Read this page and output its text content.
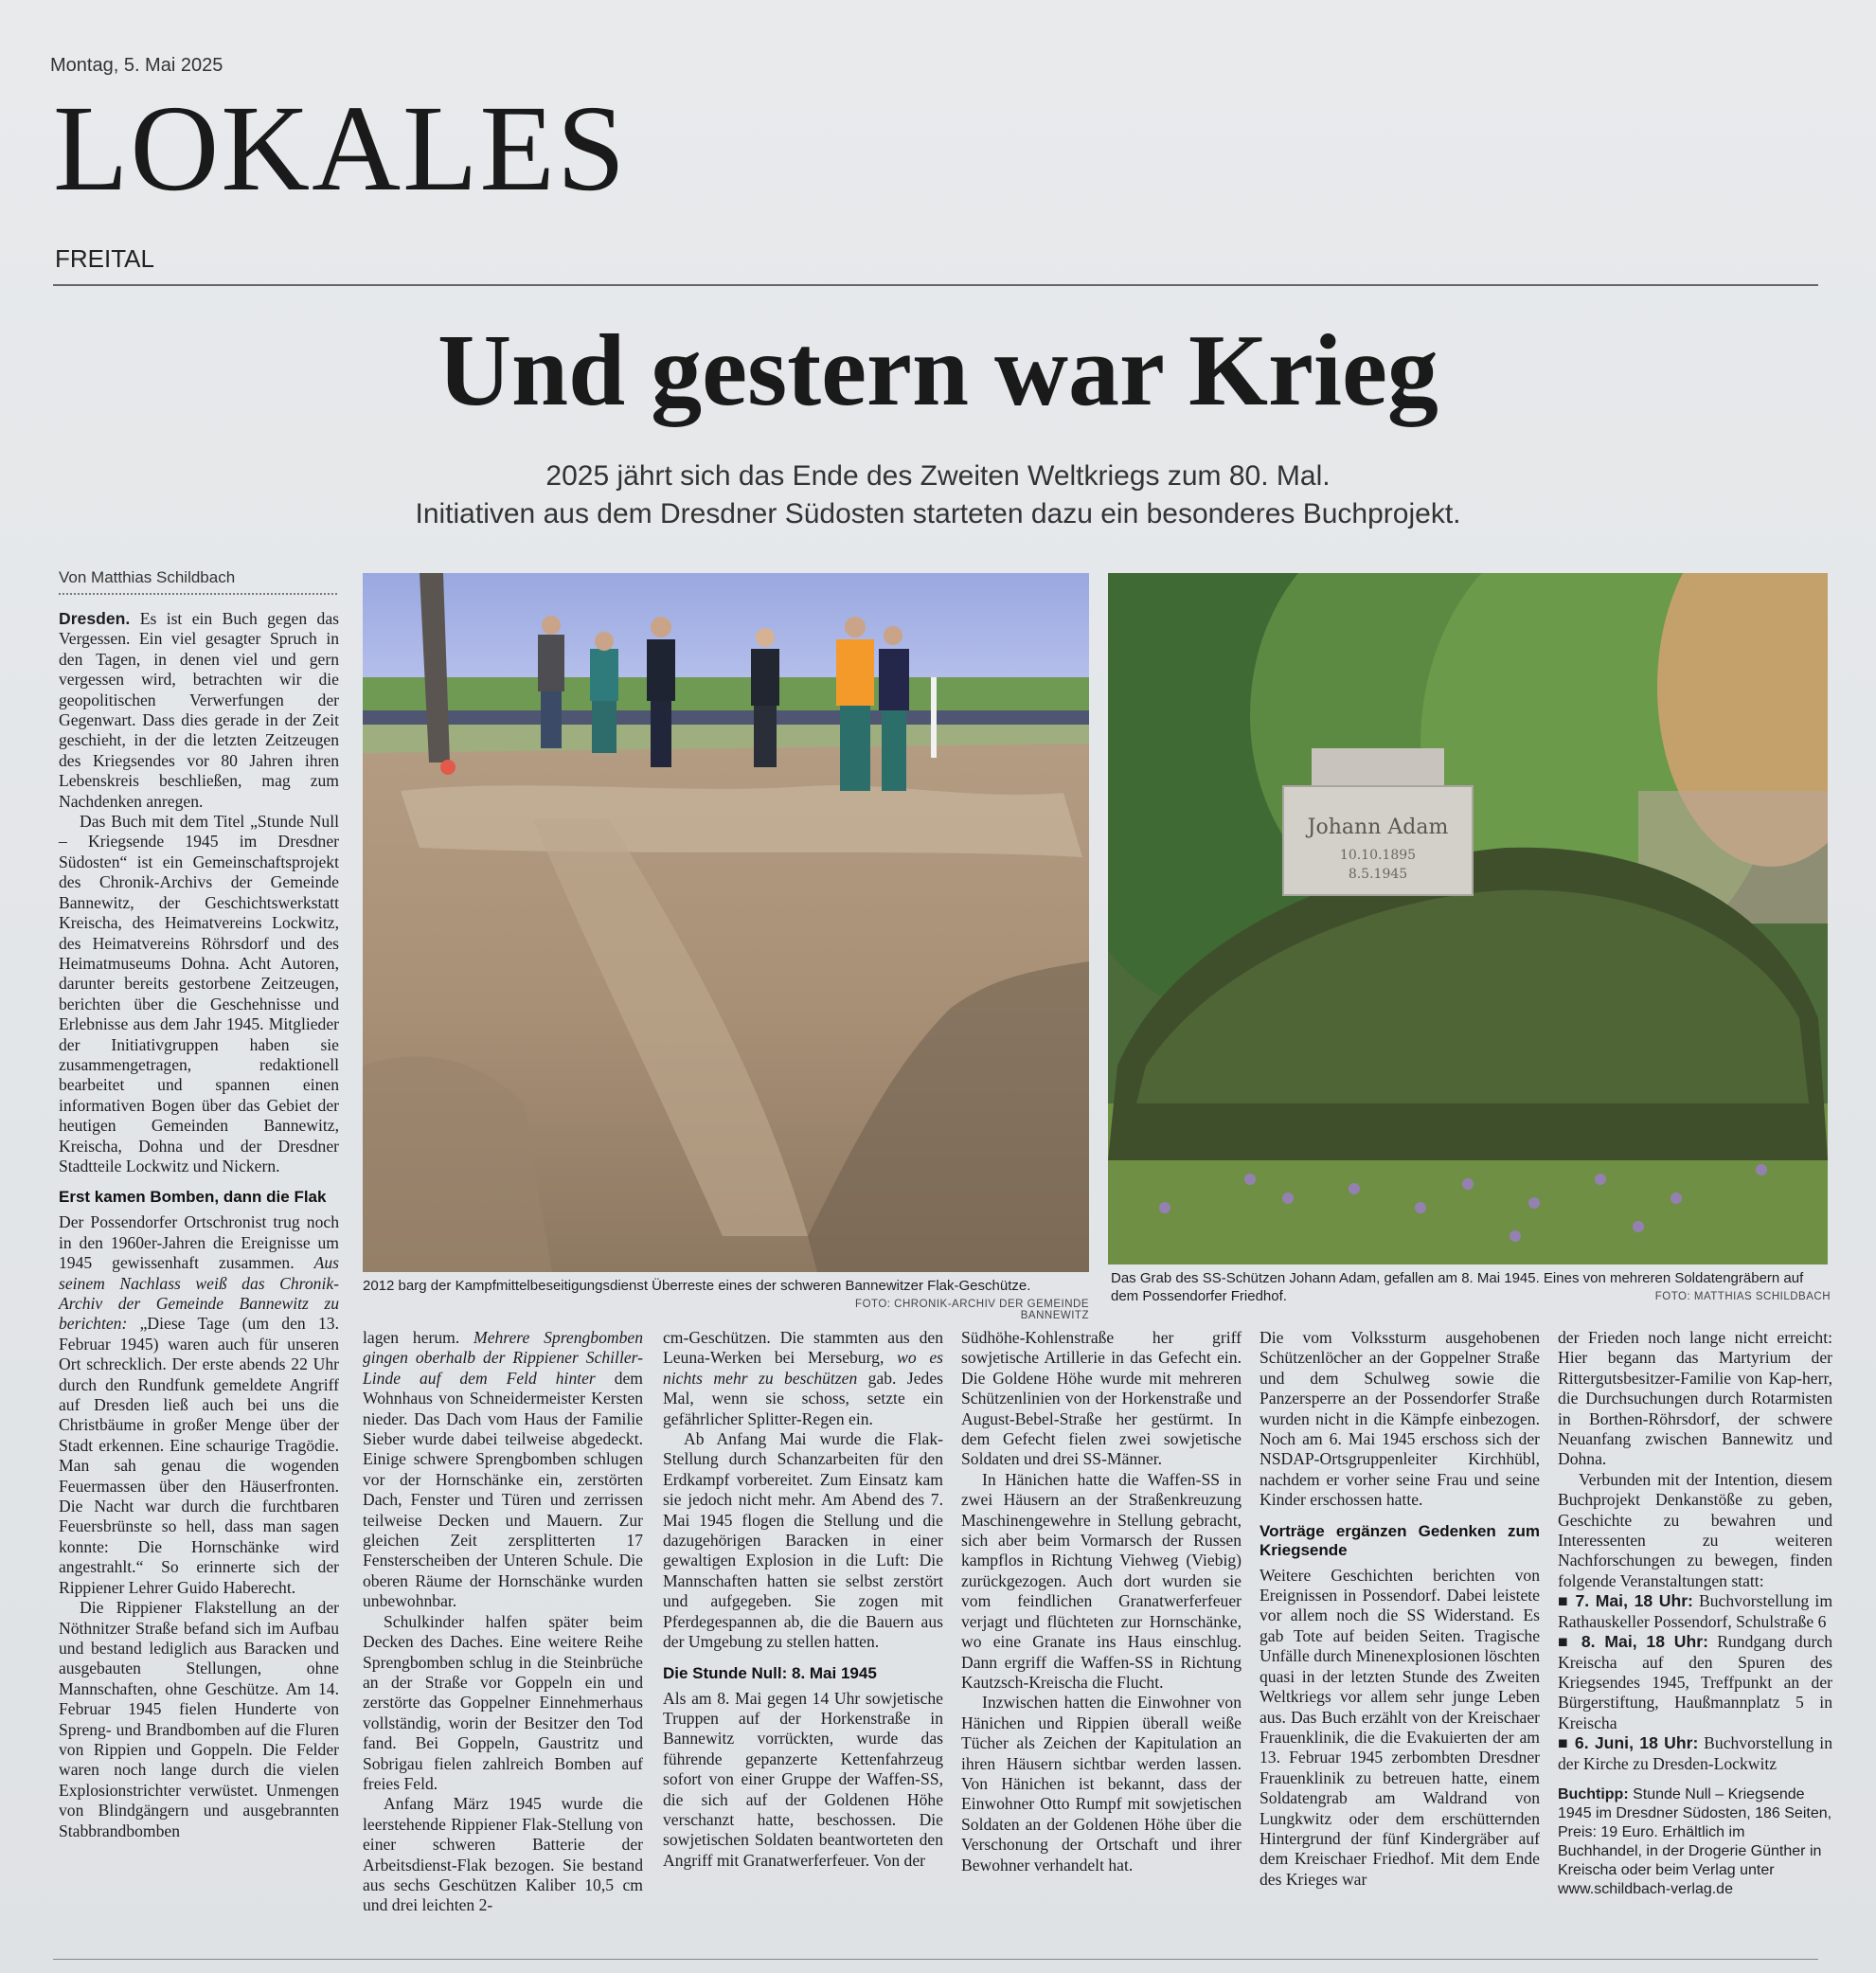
Montag, 5. Mai 2025
LOKALES
FREITAL
Und gestern war Krieg
2025 jährt sich das Ende des Zweiten Weltkriegs zum 80. Mal.
Initiativen aus dem Dresdner Südosten starteten dazu ein besonderes Buchprojekt.
Von Matthias Schildbach
2012 barg der Kampfmittelbeseitigungsdienst Überreste eines der schweren Bannewitzer Flak-Geschütze.
FOTO: CHRONIK-ARCHIV DER GEMEINDE BANNEWITZ
Johann Adam
10.10.1895
8.5.1945
Das Grab des SS-Schützen Johann Adam, gefallen am 8. Mai 1945. Eines von mehreren Soldatengräbern auf dem Possendorfer Friedhof.	FOTO: MATTHIAS SCHILDBACH

Dresden. Es ist ein Buch gegen das Vergessen. Ein viel gesagter Spruch in den Tagen, in denen viel und gern vergessen wird, betrachten wir die geopolitischen Verwerfungen der Gegenwart. Dass dies gerade in der Zeit geschieht, in der die letzten Zeitzeugen des Kriegsendes vor 80 Jahren ihren Lebenskreis beschließen, mag zum Nachdenken anregen.

Das Buch mit dem Titel „Stunde Null – Kriegsende 1945 im Dresdner Südosten“ ist ein Gemeinschaftsprojekt des Chronik-Archivs der Gemeinde Bannewitz, der Geschichtswerkstatt Kreischa, des Heimatvereins Lockwitz, des Heimatvereins Röhrsdorf und des Heimatmuseums Dohna. Acht Autoren, darunter bereits gestorbene Zeitzeugen, berichten über die Geschehnisse und Erlebnisse aus dem Jahr 1945. Mitglieder der Initiativgruppen haben sie zusammengetragen, redaktionell bearbeitet und spannen einen informativen Bogen über das Gebiet der heutigen Gemeinden Bannewitz, Kreischa, Dohna und der Dresdner Stadtteile Lockwitz und Nickern.

Erst kamen Bomben, dann die Flak

Der Possendorfer Ortschronist trug noch in den 1960er-Jahren die Ereignisse um 1945 gewissenhaft zusammen. Aus seinem Nachlass weiß das Chronik-Archiv der Gemeinde Bannewitz zu berichten: „Diese Tage (um den 13. Februar 1945) waren auch für unseren Ort schrecklich. Der erste abends 22 Uhr durch den Rundfunk gemeldete Angriff auf Dresden ließ auch bei uns die Christbäume in großer Menge über der Stadt erkennen. Eine schaurige Tragödie. Man sah genau die wogenden Feuermassen über den Häuserfronten. Die Nacht war durch die furchtbaren Feuersbrünste so hell, dass man sagen konnte: Die Hornschänke wird angestrahlt.“ So erinnerte sich der Rippiener Lehrer Guido Haberecht.

Die Rippiener Flakstellung an der Nöthnitzer Straße befand sich im Aufbau und bestand lediglich aus Baracken und ausgebauten Stellungen, ohne Mannschaften, ohne Geschütze. Am 14. Februar 1945 fielen Hunderte von Spreng- und Brandbomben auf die Fluren von Rippien und Goppeln. Die Felder waren noch lange durch die vielen Explosionstrichter verwüstet. Unmengen von Blindgängern und ausgebrannten Stabbrandbomben

lagen herum. Mehrere Sprengbomben gingen oberhalb der Rippiener Schiller-Linde auf dem Feld hinter dem Wohnhaus von Schneidermeister Kersten nieder. Das Dach vom Haus der Familie Sieber wurde dabei teilweise abgedeckt. Einige schwere Sprengbomben schlugen vor der Hornschänke ein, zerstörten Dach, Fenster und Türen und zerrissen teilweise Decken und Mauern. Zur gleichen Zeit zersplitterten 17 Fensterscheiben der Unteren Schule. Die oberen Räume der Hornschänke wurden unbewohnbar.

Schulkinder halfen später beim Decken des Daches. Eine weitere Reihe Sprengbomben schlug in die Steinbrüche an der Straße vor Goppeln ein und zerstörte das Goppelner Einnehmerhaus vollständig, worin der Besitzer den Tod fand. Bei Goppeln, Gaustritz und Sobrigau fielen zahlreich Bomben auf freies Feld.

Anfang März 1945 wurde die leerstehende Rippiener Flak-Stellung von einer schweren Batterie der Arbeitsdienst-Flak bezogen. Sie bestand aus sechs Geschützen Kaliber 10,5 cm und drei leichten 2-

cm-Geschützen. Die stammten aus den Leuna-Werken bei Merseburg, wo es nichts mehr zu beschützen gab. Jedes Mal, wenn sie schoss, setzte ein gefährlicher Splitter-Regen ein.

Ab Anfang Mai wurde die Flak-Stellung durch Schanzarbeiten für den Erdkampf vorbereitet. Zum Einsatz kam sie jedoch nicht mehr. Am Abend des 7. Mai 1945 flogen die Stellung und die dazugehörigen Baracken in einer gewaltigen Explosion in die Luft: Die Mannschaften hatten sie selbst zerstört und aufgegeben. Sie zogen mit Pferdegespannen ab, die die Bauern aus der Umgebung zu stellen hatten.

Die Stunde Null: 8. Mai 1945

Als am 8. Mai gegen 14 Uhr sowjetische Truppen auf der Horkenstraße in Bannewitz vorrückten, wurde das führende gepanzerte Kettenfahrzeug sofort von einer Gruppe der Waffen-SS, die sich auf der Goldenen Höhe verschanzt hatte, beschossen. Die sowjetischen Soldaten beantworteten den Angriff mit Granatwerferfeuer. Von der

Südhöhe-Kohlenstraße her griff sowjetische Artillerie in das Gefecht ein. Die Goldene Höhe wurde mit mehreren Schützenlinien von der Horkenstraße und August-Bebel-Straße her gestürmt. In dem Gefecht fielen zwei sowjetische Soldaten und drei SS-Männer.

In Hänichen hatte die Waffen-SS in zwei Häusern an der Straßenkreuzung Maschinengewehre in Stellung gebracht, sich aber beim Vormarsch der Russen kampflos in Richtung Viehweg (Viebig) zurückgezogen. Auch dort wurden sie vom feindlichen Granatwerferfeuer verjagt und flüchteten zur Hornschänke, wo eine Granate ins Haus einschlug. Dann ergriff die Waffen-SS in Richtung Kautzsch-Kreischa die Flucht.

Inzwischen hatten die Einwohner von Hänichen und Rippien überall weiße Tücher als Zeichen der Kapitulation an ihren Häusern sichtbar werden lassen. Von Hänichen ist bekannt, dass der Einwohner Otto Rumpf mit sowjetischen Soldaten an der Goldenen Höhe über die Verschonung der Ortschaft und ihrer Bewohner verhandelt hat.

Die vom Volkssturm ausgehobenen Schützenlöcher an der Goppelner Straße und dem Schulweg sowie die Panzersperre an der Possendorfer Straße wurden nicht in die Kämpfe einbezogen. Noch am 6. Mai 1945 erschoss sich der NSDAP-Ortsgruppenleiter Kirchhübl, nachdem er vorher seine Frau und seine Kinder erschossen hatte.

Vorträge ergänzen Gedenken zum Kriegsende

Weitere Geschichten berichten von Ereignissen in Possendorf. Dabei leistete vor allem noch die SS Widerstand. Es gab Tote auf beiden Seiten. Tragische Unfälle durch Minenexplosionen löschten quasi in der letzten Stunde des Zweiten Weltkriegs vor allem sehr junge Leben aus. Das Buch erzählt von der Kreischaer Frauenklinik, die die Evakuierten der am 13. Februar 1945 zerbombten Dresdner Frauenklinik zu betreuen hatte, einem Soldatengrab am Waldrand von Lungkwitz oder dem erschütternden Hintergrund der fünf Kindergräber auf dem Kreischaer Friedhof. Mit dem Ende des Krieges war

der Frieden noch lange nicht erreicht: Hier begann das Martyrium der Rittergutsbesitzer-Familie von Kap-herr, die Durchsuchungen durch Rotarmisten in Borthen-Röhrsdorf, der schwere Neuanfang zwischen Bannewitz und Dohna.

Verbunden mit der Intention, diesem Buchprojekt Denkanstöße zu geben, Geschichte zu bewahren und Interessenten zu weiteren Nachforschungen zu bewegen, finden folgende Veranstaltungen statt:

■ 7. Mai, 18 Uhr: Buchvorstellung im Rathauskeller Possendorf, Schulstraße 6

■ 8. Mai, 18 Uhr: Rundgang durch Kreischa auf den Spuren des Kriegsendes 1945, Treffpunkt an der Bürgerstiftung, Haußmannplatz 5 in Kreischa

■ 6. Juni, 18 Uhr: Buchvorstellung in der Kirche zu Dresden-Lockwitz

Buchtipp: Stunde Null – Kriegsende 1945 im Dresdner Südosten, 186 Seiten, Preis: 19 Euro. Erhältlich im Buchhandel, in der Drogerie Günther in Kreischa oder beim Verlag unter www.schildbach-verlag.de
